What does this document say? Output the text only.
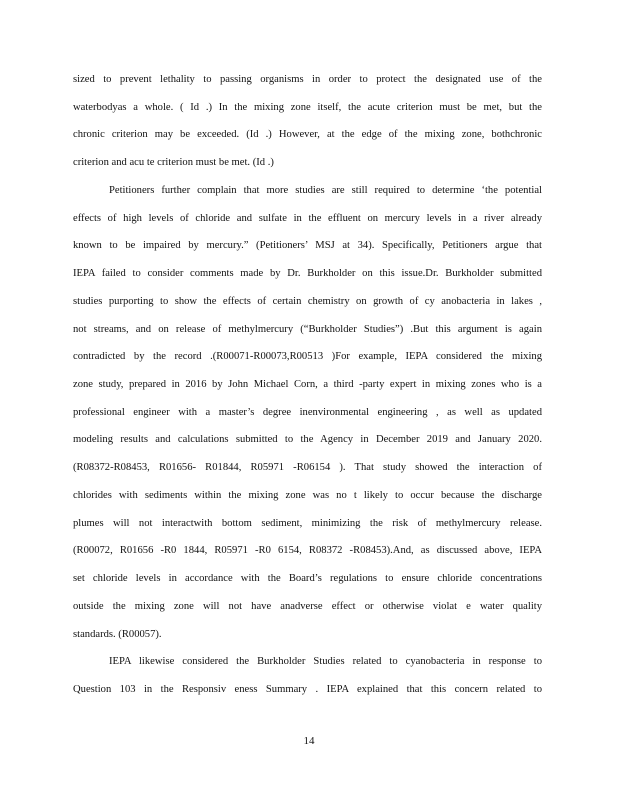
sized to prevent lethality to passing organisms in order to protect the designated use of the
waterbodyas a whole. ( Id .) In the mixing zone itself, the acute criterion must be met, but the
chronic criterion may be exceeded. (Id .) However, at the edge of the mixing zone, bothchronic
criterion and acu te criterion must be met. (Id .)
Petitioners further complain that more studies are still required to determine ‘the potential
effects of high levels of chloride and sulfate in the effluent on mercury levels in a river already
known to be impaired by mercury.” (Petitioners’ MSJ at 34). Specifically, Petitioners argue that
IEPA failed to consider comments made by Dr. Burkholder on this issue.Dr. Burkholder submitted
studies purporting to show the effects of certain chemistry on growth of cy anobacteria in lakes ,
not streams, and on release of methylmercury (“Burkholder Studies”) .But this argument is again
contradicted by the record .(R00071-R00073,R00513 )For example, IEPA considered the mixing
zone study, prepared in 2016 by John Michael Corn, a third -party expert in mixing zones who is a
professional engineer with a master’s degree inenvironmental engineering , as well as updated
modeling results and calculations submitted to the Agency in December 2019 and January 2020.
(R08372-R08453, R01656- R01844, R05971 -R06154 ). That study showed the interaction of
chlorides with sediments within the mixing zone was no t likely to occur because the discharge
plumes will not interactwith bottom sediment, minimizing the risk of methylmercury release.
(R00072, R01656 -R0 1844, R05971 -R0 6154, R08372 -R08453).And, as discussed above, IEPA
set chloride levels in accordance with the Board’s regulations to ensure chloride concentrations
outside the mixing zone will not have anadverse effect or otherwise violat e water quality
standards. (R00057).
IEPA likewise considered the Burkholder Studies related to cyanobacteria in response to
Question 103 in the Responsiv eness Summary . IEPA explained that this concern related to
14
